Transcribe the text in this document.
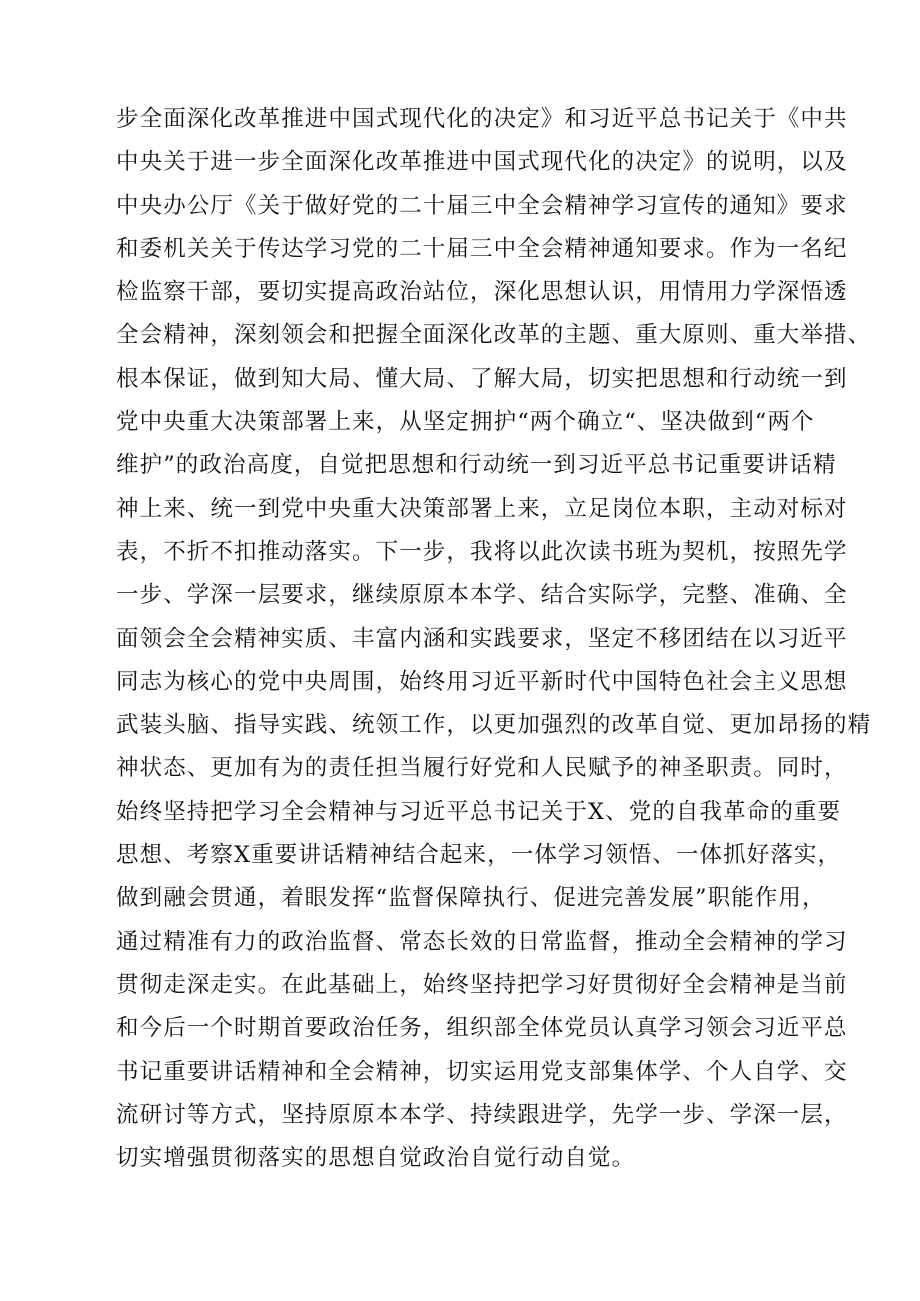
步全面深化改革推进中国式现代化的决定》和习近平总书记关于《中共
中央关于进一步全面深化改革推进中国式现代化的决定》的说明，以及
中央办公厅《关于做好党的二十届三中全会精神学习宣传的通知》要求
和委机关关于传达学习党的二十届三中全会精神通知要求。作为一名纪
检监察干部，要切实提高政治站位，深化思想认识，用情用力学深悟透
全会精神，深刻领会和把握全面深化改革的主题、重大原则、重大举措、
根本保证，做到知大局、懂大局、了解大局，切实把思想和行动统一到
党中央重大决策部署上来，从坚定拥护“两个确立“、坚决做到“两个
维护”的政治高度，自觉把思想和行动统一到习近平总书记重要讲话精
神上来、统一到党中央重大决策部署上来，立足岗位本职，主动对标对
表，不折不扣推动落实。下一步，我将以此次读书班为契机，按照先学
一步、学深一层要求，继续原原本本学、结合实际学，完整、准确、全
面领会全会精神实质、丰富内涵和实践要求，坚定不移团结在以习近平
同志为核心的党中央周围，始终用习近平新时代中国特色社会主义思想
武装头脑、指导实践、统领工作，以更加强烈的改革自觉、更加昂扬的精
神状态、更加有为的责任担当履行好党和人民赋予的神圣职责。同时，
始终坚持把学习全会精神与习近平总书记关于X、党的自我革命的重要
思想、考察X重要讲话精神结合起来，一体学习领悟、一体抓好落实，
做到融会贯通，着眼发挥“监督保障执行、促进完善发展”职能作用，
通过精准有力的政治监督、常态长效的日常监督，推动全会精神的学习
贯彻走深走实。在此基础上，始终坚持把学习好贯彻好全会精神是当前
和今后一个时期首要政治任务，组织部全体党员认真学习领会习近平总
书记重要讲话精神和全会精神，切实运用党支部集体学、个人自学、交
流研讨等方式，坚持原原本本学、持续跟进学，先学一步、学深一层，
切实增强贯彻落实的思想自觉政治自觉行动自觉。
